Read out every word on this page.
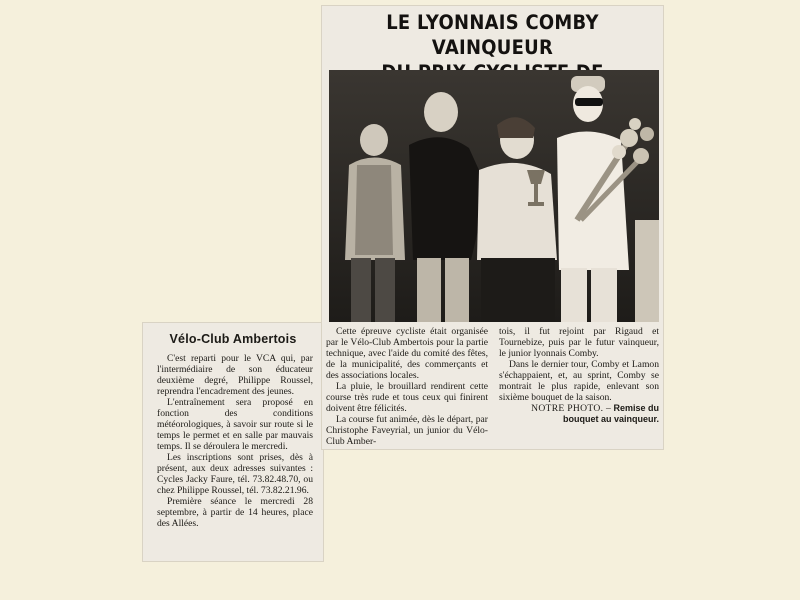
Vélo-Club Ambertois

C'est reparti pour le VCA qui, par l'intermédiaire de son éducateur deuxième degré, Philippe Roussel, reprendra l'encadrement des jeunes.

L'entraînement sera proposé en fonction des conditions météorologiques, à savoir sur route si le temps le permet et en salle par mauvais temps. Il se déroulera le mercredi.

Les inscriptions sont prises, dès à présent, aux deux adresses suivantes : Cycles Jacky Faure, tél. 73.82.48.70, ou chez Philippe Roussel, tél. 73.82.21.96.

Première séance le mercredi 28 septembre, à partir de 14 heures, place des Allées.

LE LYONNAIS COMBY VAINQUEUR

Cette épreuve cycliste était organisée par le Vélo-Club Ambertois pour la partie technique, avec l'aide du comité des fêtes, de la municipalité, des commerçants et des associations locales.

La pluie, le brouillard rendirent cette course très rude et tous ceux qui finirent doivent être félicités.

La course fut animée, dès le départ, par Christophe Faveyrial, un junior du Vélo-Club Amber-

tois, il fut rejoint par Rigaud et Tournebize, puis par le futur vainqueur, le junior lyonnais Comby.

Dans le dernier tour, Comby et Lamon s'échappaient, et, au sprint, Comby se montrait le plus rapide, enlevant son sixième bouquet de la saison.

NOTRE PHOTO. – Remise du bouquet au vainqueur.
